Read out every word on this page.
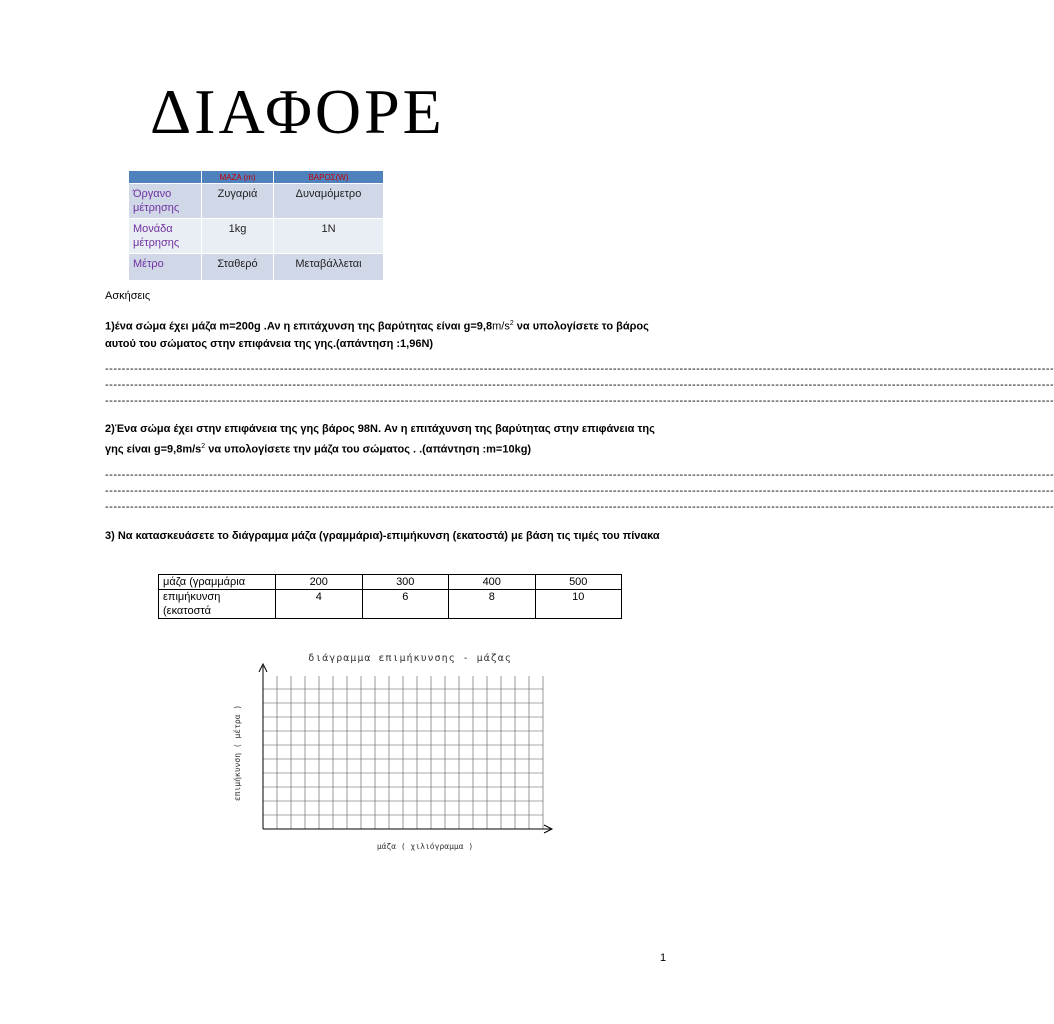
ΔΙΑΦΟΡΕ
	ΜΑΖΑ (m)	ΒΑΡΟΣ(W)
Όργανο μέτρησης	Ζυγαριά	Δυναμόμετρο
Μονάδα μέτρησης	1kg	1N
Μέτρο	Σταθερό	Μεταβάλλεται
Ασκήσεις
1)ένα σώμα έχει μάζα m=200g .Αν η επιτάχυνση της βαρύτητας είναι $g=9,8m/s^2$ να υπολογίσετε το βάρος αυτού του σώματος στην επιφάνεια της γης.(απάντηση :1,96N)
------------------------------------------------------------------------------------------------------------------------------------------------------------------------------------------------------------------------------------
------------------------------------------------------------------------------------------------------------------------------------------------------------------------------------------------------------------------------------
------------------------------------------------------------------------------------------------------------------------------------------------------------------------------------------------------------------------------------
2)Ένα σώμα έχει στην επιφάνεια της γης βάρος 98N. Αν η επιτάχυνση της βαρύτητας στην επιφάνεια της γης είναι $g=9,8m/s^2$ να υπολογίσετε την μάζα του σώματος . .(απάντηση :m=10kg)
------------------------------------------------------------------------------------------------------------------------------------------------------------------------------------------------------------------------------------
------------------------------------------------------------------------------------------------------------------------------------------------------------------------------------------------------------------------------------
------------------------------------------------------------------------------------------------------------------------------------------------------------------------------------------------------------------------------------
3) Να κατασκευάσετε το διάγραμμα μάζα (γραμμάρια)-επιμήκυνση (εκατοστά) με βάση τις τιμές του πίνακα
μάζα (γραμμάρια	200	300	400	500
επιμήκυνση (εκατοστά	4	6	8	10
διάγραμμα επιμήκυνσης - μάζας
επιμήκυνση ( μέτρα )
μάζα ( χιλιόγραμμα )
1
